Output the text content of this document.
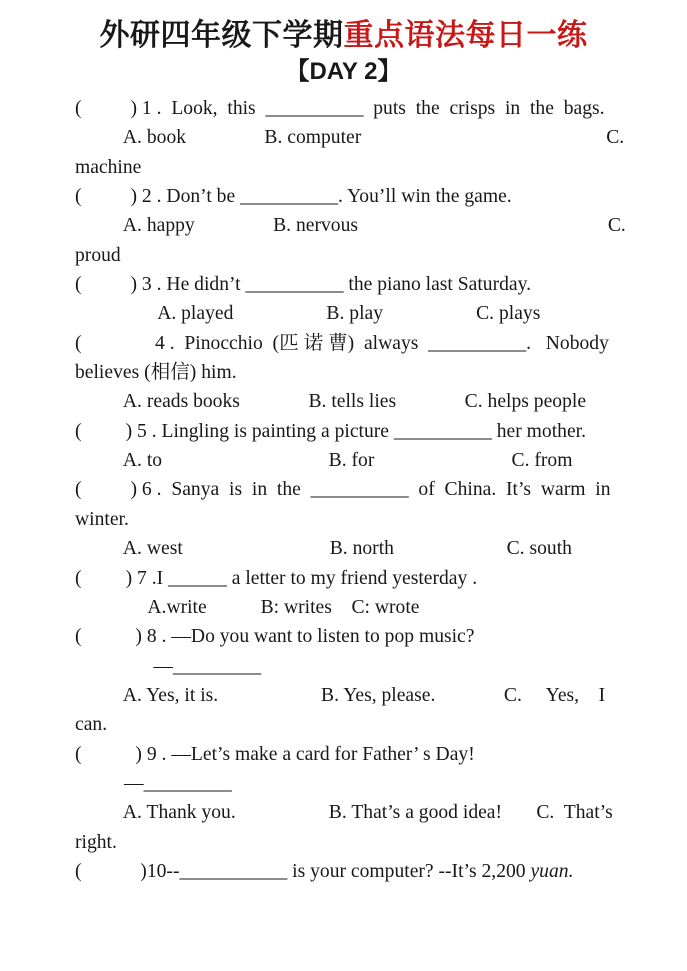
外研四年级下学期重点语法每日一练
【DAY 2】
(          ) 1 .  Look,  this  __________  puts  the  crisps  in  the  bags.
A. book                B. computer                                                  C.
machine
(          ) 2 . Don’t be __________. You’ll win the game.
A. happy                B. nervous                                                   C.
proud
(          ) 3 . He didn’t __________ the piano last Saturday.
A. played                   B. play                   C. plays
(               4 .  Pinocchio  (匹 诺 曹)  always  __________.   Nobody
believes (相信) him.
A. reads books              B. tells lies              C. helps people
(         ) 5 . Lingling is painting a picture __________ her mother.
A. to                                  B. for                            C. from
(          ) 6 .  Sanya  is  in  the  __________  of  China.  It’s  warm  in
winter.
A. west                              B. north                       C. south
(         ) 7 .I ______ a letter to my friend yesterday .
A.write           B: writes    C: wrote
(           ) 8 . —Do you want to listen to pop music?
—_________
A. Yes, it is.                     B. Yes, please.              C.     Yes,    I
can.
(           ) 9 . —Let’s make a card for Father’ s Day!
—_________
A. Thank you.                   B. That’s a good idea!       C.  That’s
right.
(            )10--___________ is your computer? --It’s 2,200 yuan.
